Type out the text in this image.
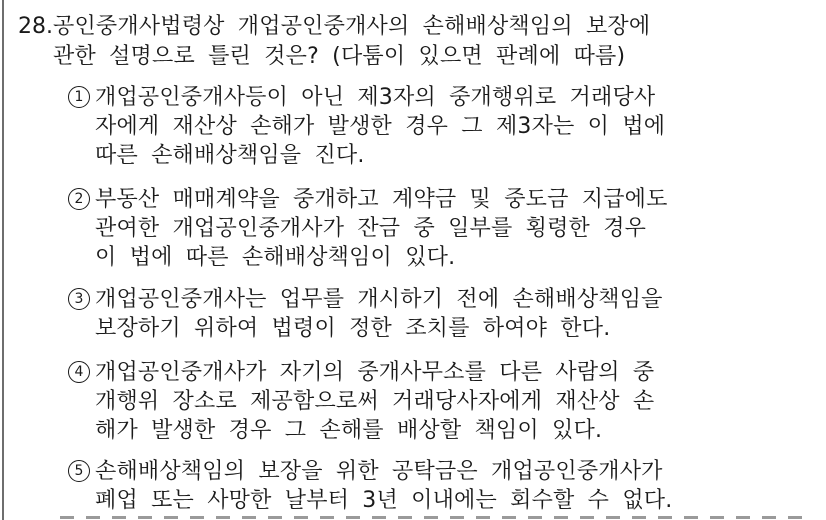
28. 공인중개사법령상 개업공인중개사의 손해배상책임의 보장에
관한 설명으로 틀린 것은? (다툼이 있으면 판례에 따름)
1 개업공인중개사등이 아닌 제3자의 중개행위로 거래당사
자에게 재산상 손해가 발생한 경우 그 제3자는 이 법에
따른 손해배상책임을 진다.
2 부동산 매매계약을 중개하고 계약금 및 중도금 지급에도
관여한 개업공인중개사가 잔금 중 일부를 횡령한 경우
이 법에 따른 손해배상책임이 있다.
3 개업공인중개사는 업무를 개시하기 전에 손해배상책임을
보장하기 위하여 법령이 정한 조치를 하여야 한다.
4 개업공인중개사가 자기의 중개사무소를 다른 사람의 중
개행위 장소로 제공함으로써 거래당사자에게 재산상 손
해가 발생한 경우 그 손해를 배상할 책임이 있다.
5 손해배상책임의 보장을 위한 공탁금은 개업공인중개사가
폐업 또는 사망한 날부터 3년 이내에는 회수할 수 없다.
